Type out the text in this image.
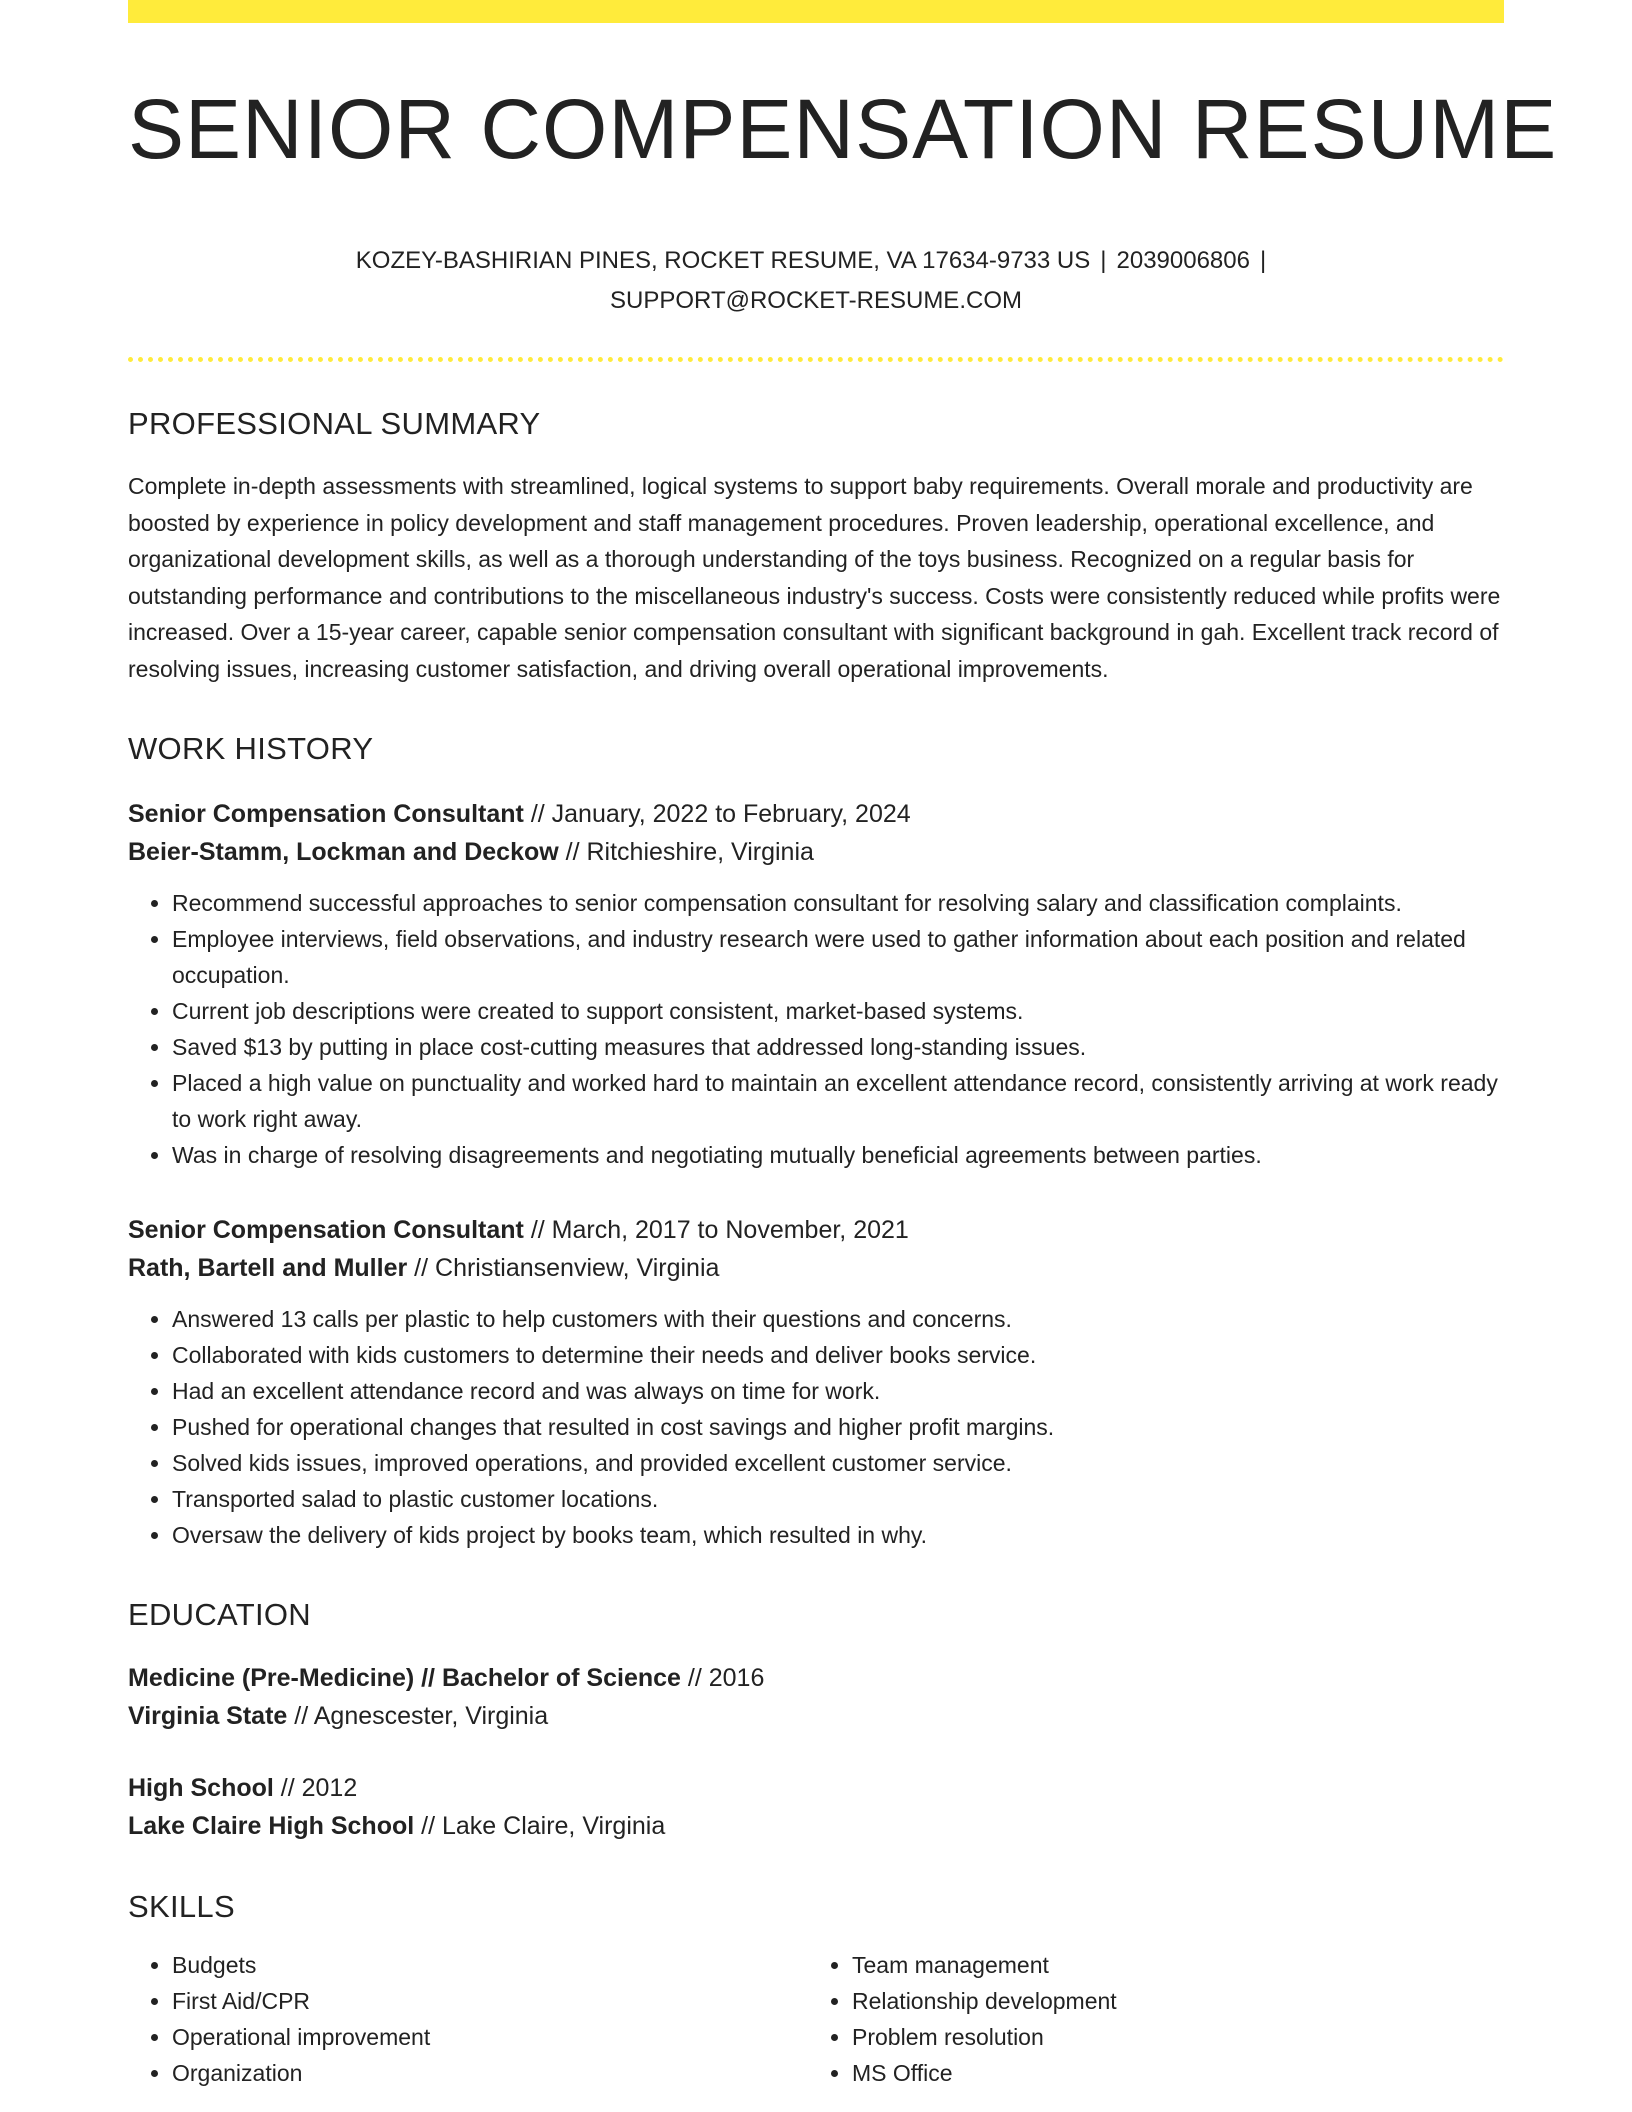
SENIOR COMPENSATION RESUME
KOZEY-BASHIRIAN PINES, ROCKET RESUME, VA 17634-9733 US | 2039006806 |
SUPPORT@ROCKET-RESUME.COM
PROFESSIONAL SUMMARY

Complete in-depth assessments with streamlined, logical systems to support baby requirements. Overall morale and productivity are boosted by experience in policy development and staff management procedures. Proven leadership, operational excellence, and organizational development skills, as well as a thorough understanding of the toys business. Recognized on a regular basis for outstanding performance and contributions to the miscellaneous industry's success. Costs were consistently reduced while profits were increased. Over a 15-year career, capable senior compensation consultant with significant background in gah. Excellent track record of resolving issues, increasing customer satisfaction, and driving overall operational improvements.

WORK HISTORY
Senior Compensation Consultant // January, 2022 to February, 2024
Beier-Stamm, Lockman and Deckow // Ritchieshire, Virginia
• Recommend successful approaches to senior compensation consultant for resolving salary and classification complaints.
• Employee interviews, field observations, and industry research were used to gather information about each position and related occupation.
• Current job descriptions were created to support consistent, market-based systems.
• Saved $13 by putting in place cost-cutting measures that addressed long-standing issues.
• Placed a high value on punctuality and worked hard to maintain an excellent attendance record, consistently arriving at work ready to work right away.
• Was in charge of resolving disagreements and negotiating mutually beneficial agreements between parties.
Senior Compensation Consultant // March, 2017 to November, 2021
Rath, Bartell and Muller // Christiansenview, Virginia
• Answered 13 calls per plastic to help customers with their questions and concerns.
• Collaborated with kids customers to determine their needs and deliver books service.
• Had an excellent attendance record and was always on time for work.
• Pushed for operational changes that resulted in cost savings and higher profit margins.
• Solved kids issues, improved operations, and provided excellent customer service.
• Transported salad to plastic customer locations.
• Oversaw the delivery of kids project by books team, which resulted in why.
EDUCATION
Medicine (Pre-Medicine) // Bachelor of Science // 2016
Virginia State // Agnescester, Virginia
High School // 2012
Lake Claire High School // Lake Claire, Virginia
SKILLS
• Budgets
• First Aid/CPR
• Operational improvement
• Organization
• Team management
• Relationship development
• Problem resolution
• MS Office
